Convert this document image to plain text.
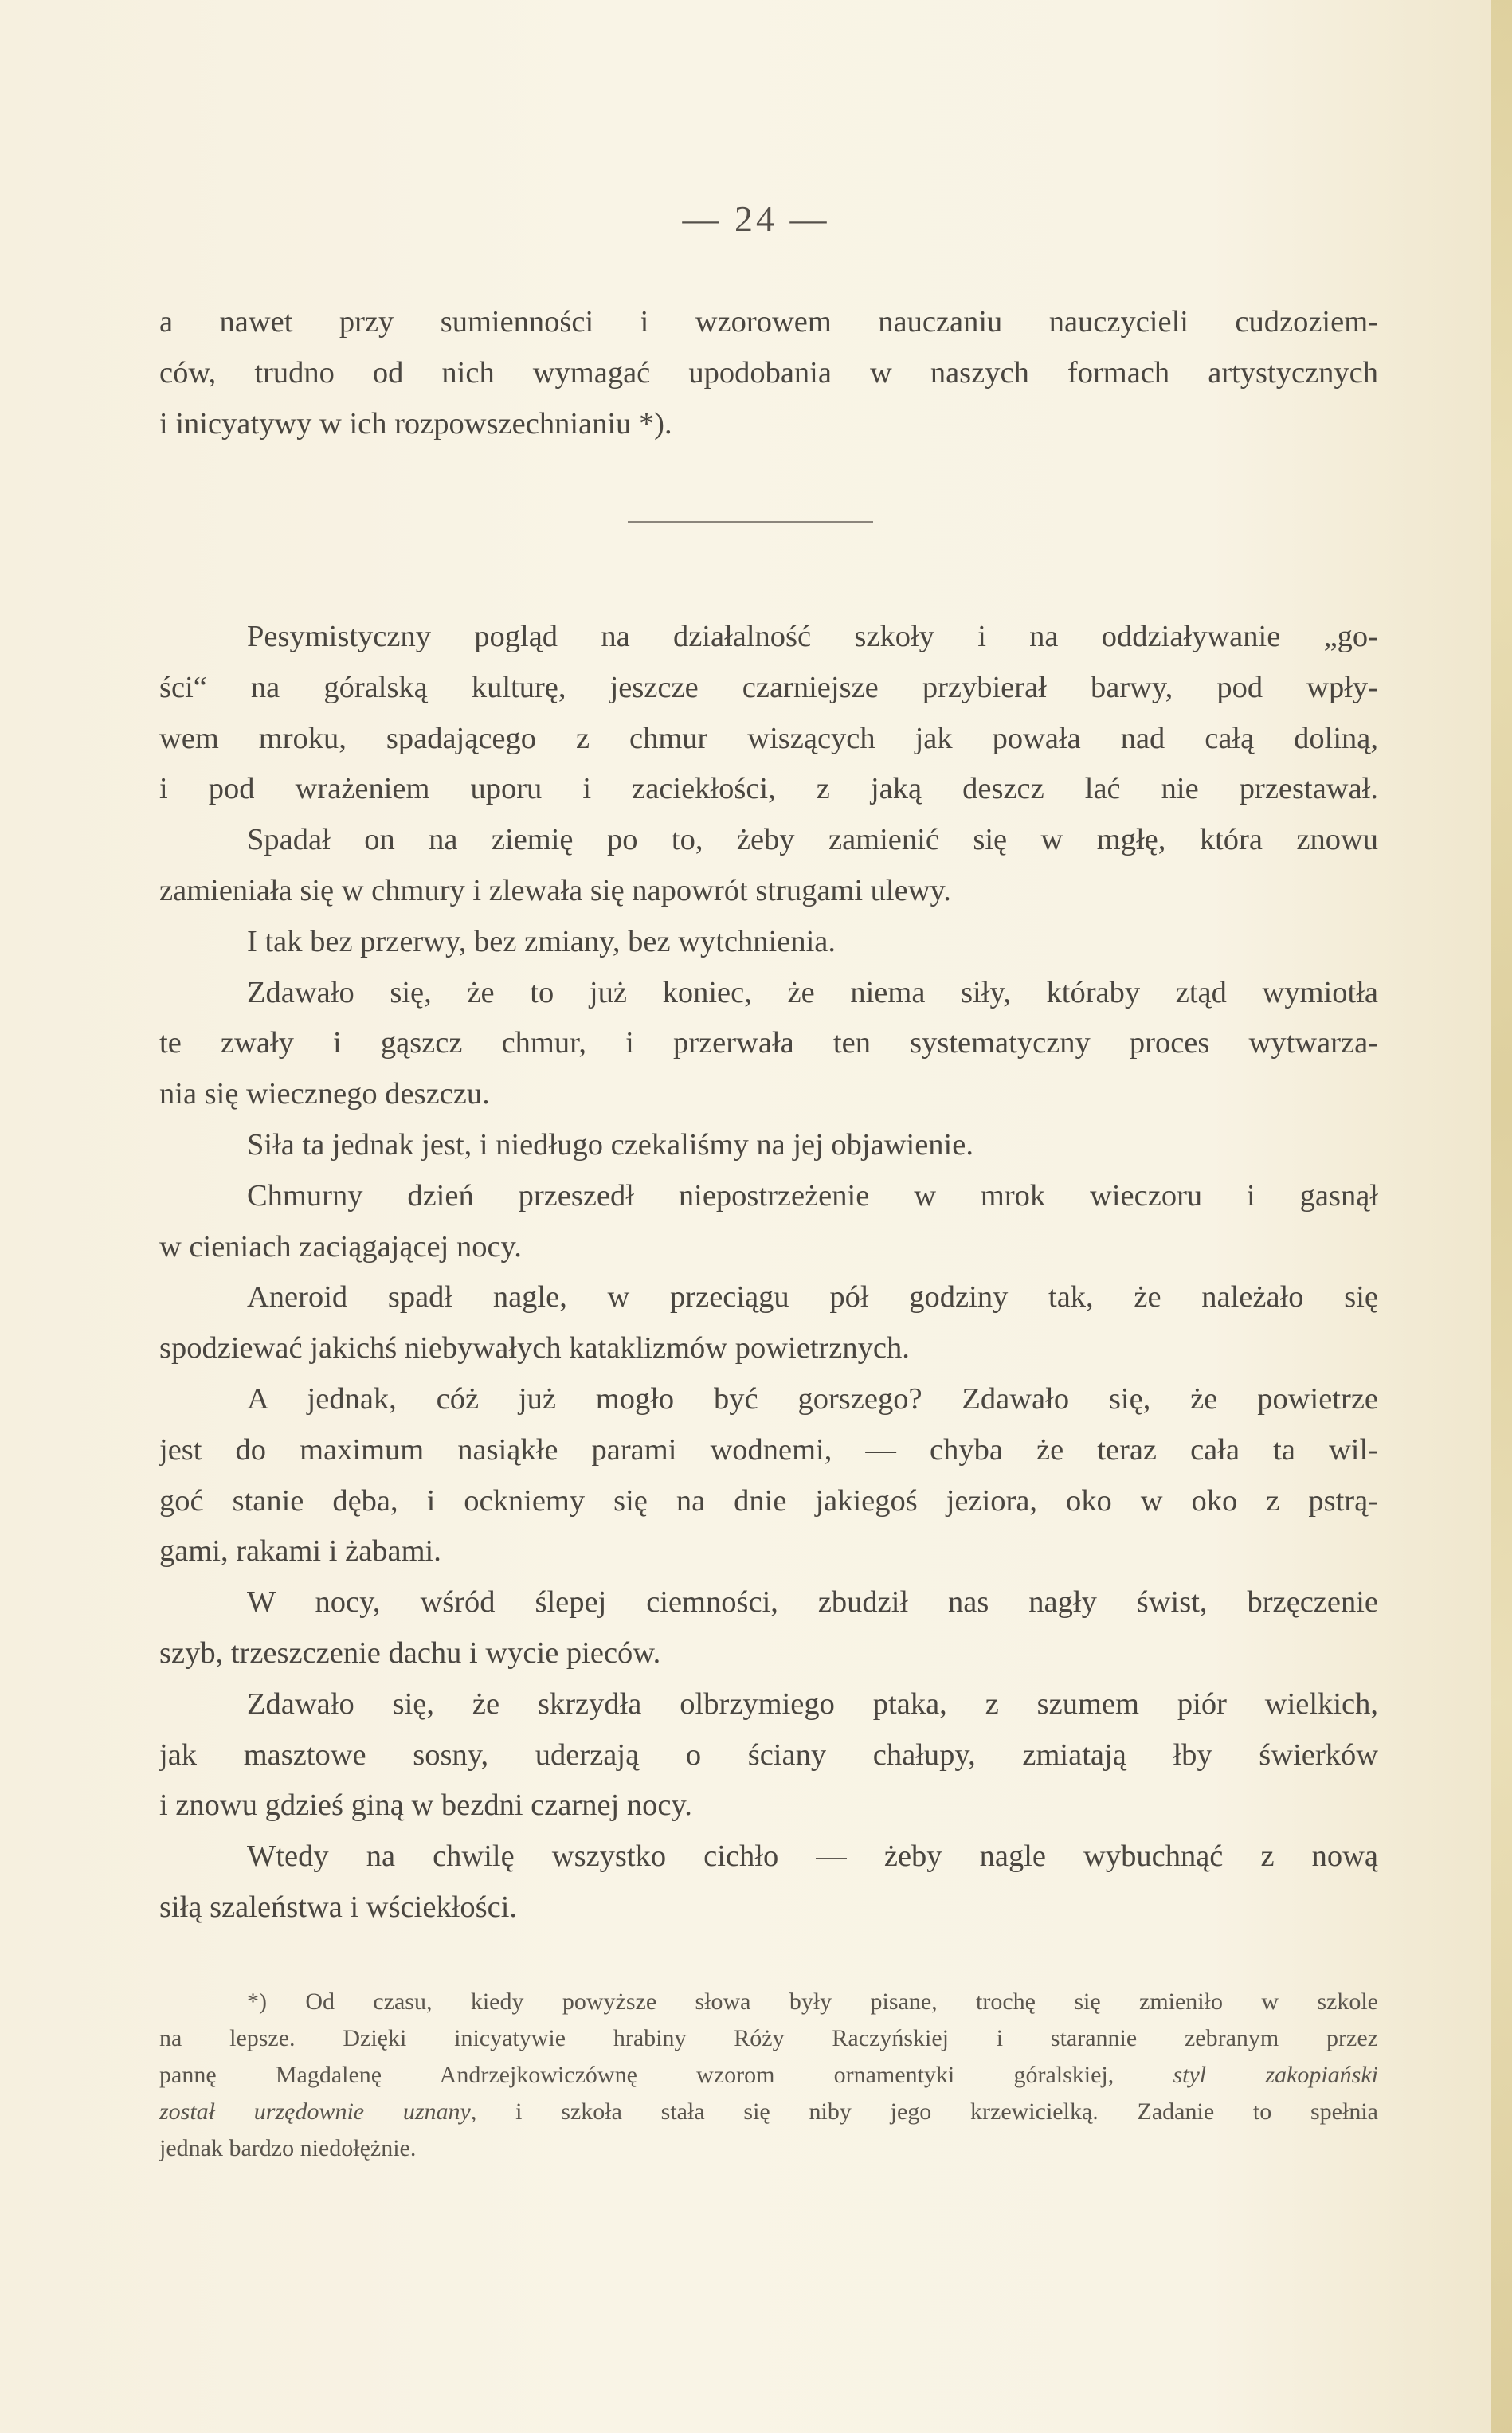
— 24 —
a nawet przy sumienności i wzorowem nauczaniu nauczycieli cudzoziem-
ców, trudno od nich wymagać upodobania w naszych formach artystycznych
i inicyatywy w ich rozpowszechnianiu *).
Pesymistyczny pogląd na działalność szkoły i na oddziaływanie „go-
ści“ na góralską kulturę, jeszcze czarniejsze przybierał barwy, pod wpły-
wem mroku, spadającego z chmur wiszących jak powała nad całą doliną,
i pod wrażeniem uporu i zaciekłości, z jaką deszcz lać nie przestawał.
Spadał on na ziemię po to, żeby zamienić się w mgłę, która znowu
zamieniała się w chmury i zlewała się napowrót strugami ulewy.
I tak bez przerwy, bez zmiany, bez wytchnienia.
Zdawało się, że to już koniec, że niema siły, któraby ztąd wymiotła
te zwały i gąszcz chmur, i przerwała ten systematyczny proces wytwarza-
nia się wiecznego deszczu.
Siła ta jednak jest, i niedługo czekaliśmy na jej objawienie.
Chmurny dzień przeszedł niepostrzeżenie w mrok wieczoru i gasnął
w cieniach zaciągającej nocy.
Aneroid spadł nagle, w przeciągu pół godziny tak, że należało się
spodziewać jakichś niebywałych kataklizmów powietrznych.
A jednak, cóż już mogło być gorszego? Zdawało się, że powietrze
jest do maximum nasiąkłe parami wodnemi, — chyba że teraz cała ta wil-
goć stanie dęba, i ockniemy się na dnie jakiegoś jeziora, oko w oko z pstrą-
gami, rakami i żabami.
W nocy, wśród ślepej ciemności, zbudził nas nagły świst, brzęczenie
szyb, trzeszczenie dachu i wycie pieców.
Zdawało się, że skrzydła olbrzymiego ptaka, z szumem piór wielkich,
jak masztowe sosny, uderzają o ściany chałupy, zmiatają łby świerków
i znowu gdzieś giną w bezdni czarnej nocy.
Wtedy na chwilę wszystko cichło — żeby nagle wybuchnąć z nową
siłą szaleństwa i wściekłości.
*) Od czasu, kiedy powyższe słowa były pisane, trochę się zmieniło w szkole
na lepsze. Dzięki inicyatywie hrabiny Róży Raczyńskiej i starannie zebranym przez
pannę Magdalenę Andrzejkowiczównę wzorom ornamentyki góralskiej, styl zakopiański
został urzędownie uznany, i szkoła stała się niby jego krzewicielką. Zadanie to spełnia
jednak bardzo niedołężnie.
